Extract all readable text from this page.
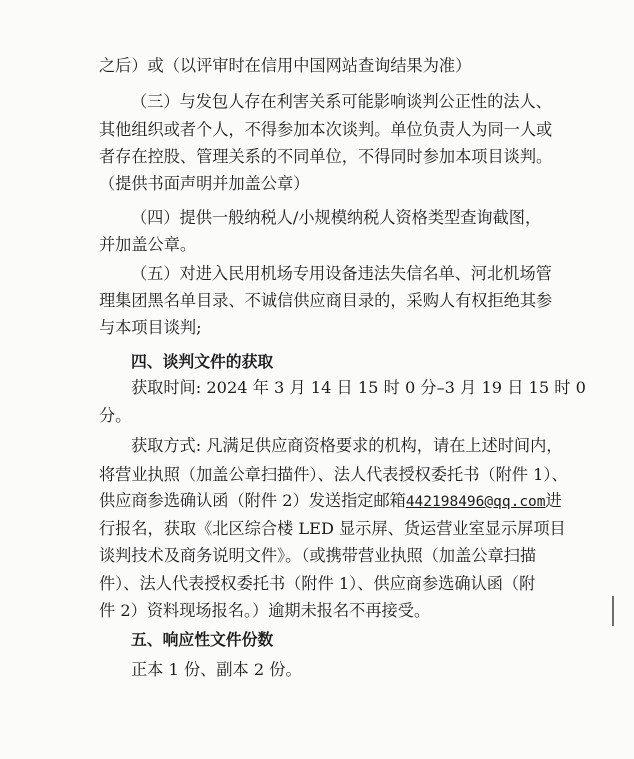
之后）或（以评审时在信用中国网站查询结果为准）

（三）与发包人存在利害关系可能影响谈判公正性的法人、

其他组织或者个人，不得参加本次谈判。单位负责人为同一人或

者存在控股、管理关系的不同单位，不得同时参加本项目谈判。

（提供书面声明并加盖公章）

（四）提供一般纳税人/小规模纳税人资格类型查询截图，

并加盖公章。

（五）对进入民用机场专用设备违法失信名单、河北机场管

理集团黑名单目录、不诚信供应商目录的，采购人有权拒绝其参

与本项目谈判;

四、谈判文件的获取

获取时间: 2024 年 3 月 14 日 15 时 0 分–3 月 19 日 15 时 0

分。

获取方式: 凡满足供应商资格要求的机构，请在上述时间内，

将营业执照（加盖公章扫描件）、法人代表授权委托书（附件 1）、

供应商参选确认函（附件 2）发送指定邮箱442198496@qq.com进

行报名，获取《北区综合楼 LED 显示屏、货运营业室显示屏项目

谈判技术及商务说明文件》。（或携带营业执照（加盖公章扫描

件）、法人代表授权委托书（附件 1）、供应商参选确认函（附

件 2）资料现场报名。）逾期未报名不再接受。

五、响应性文件份数

正本 1 份、副本 2 份。
